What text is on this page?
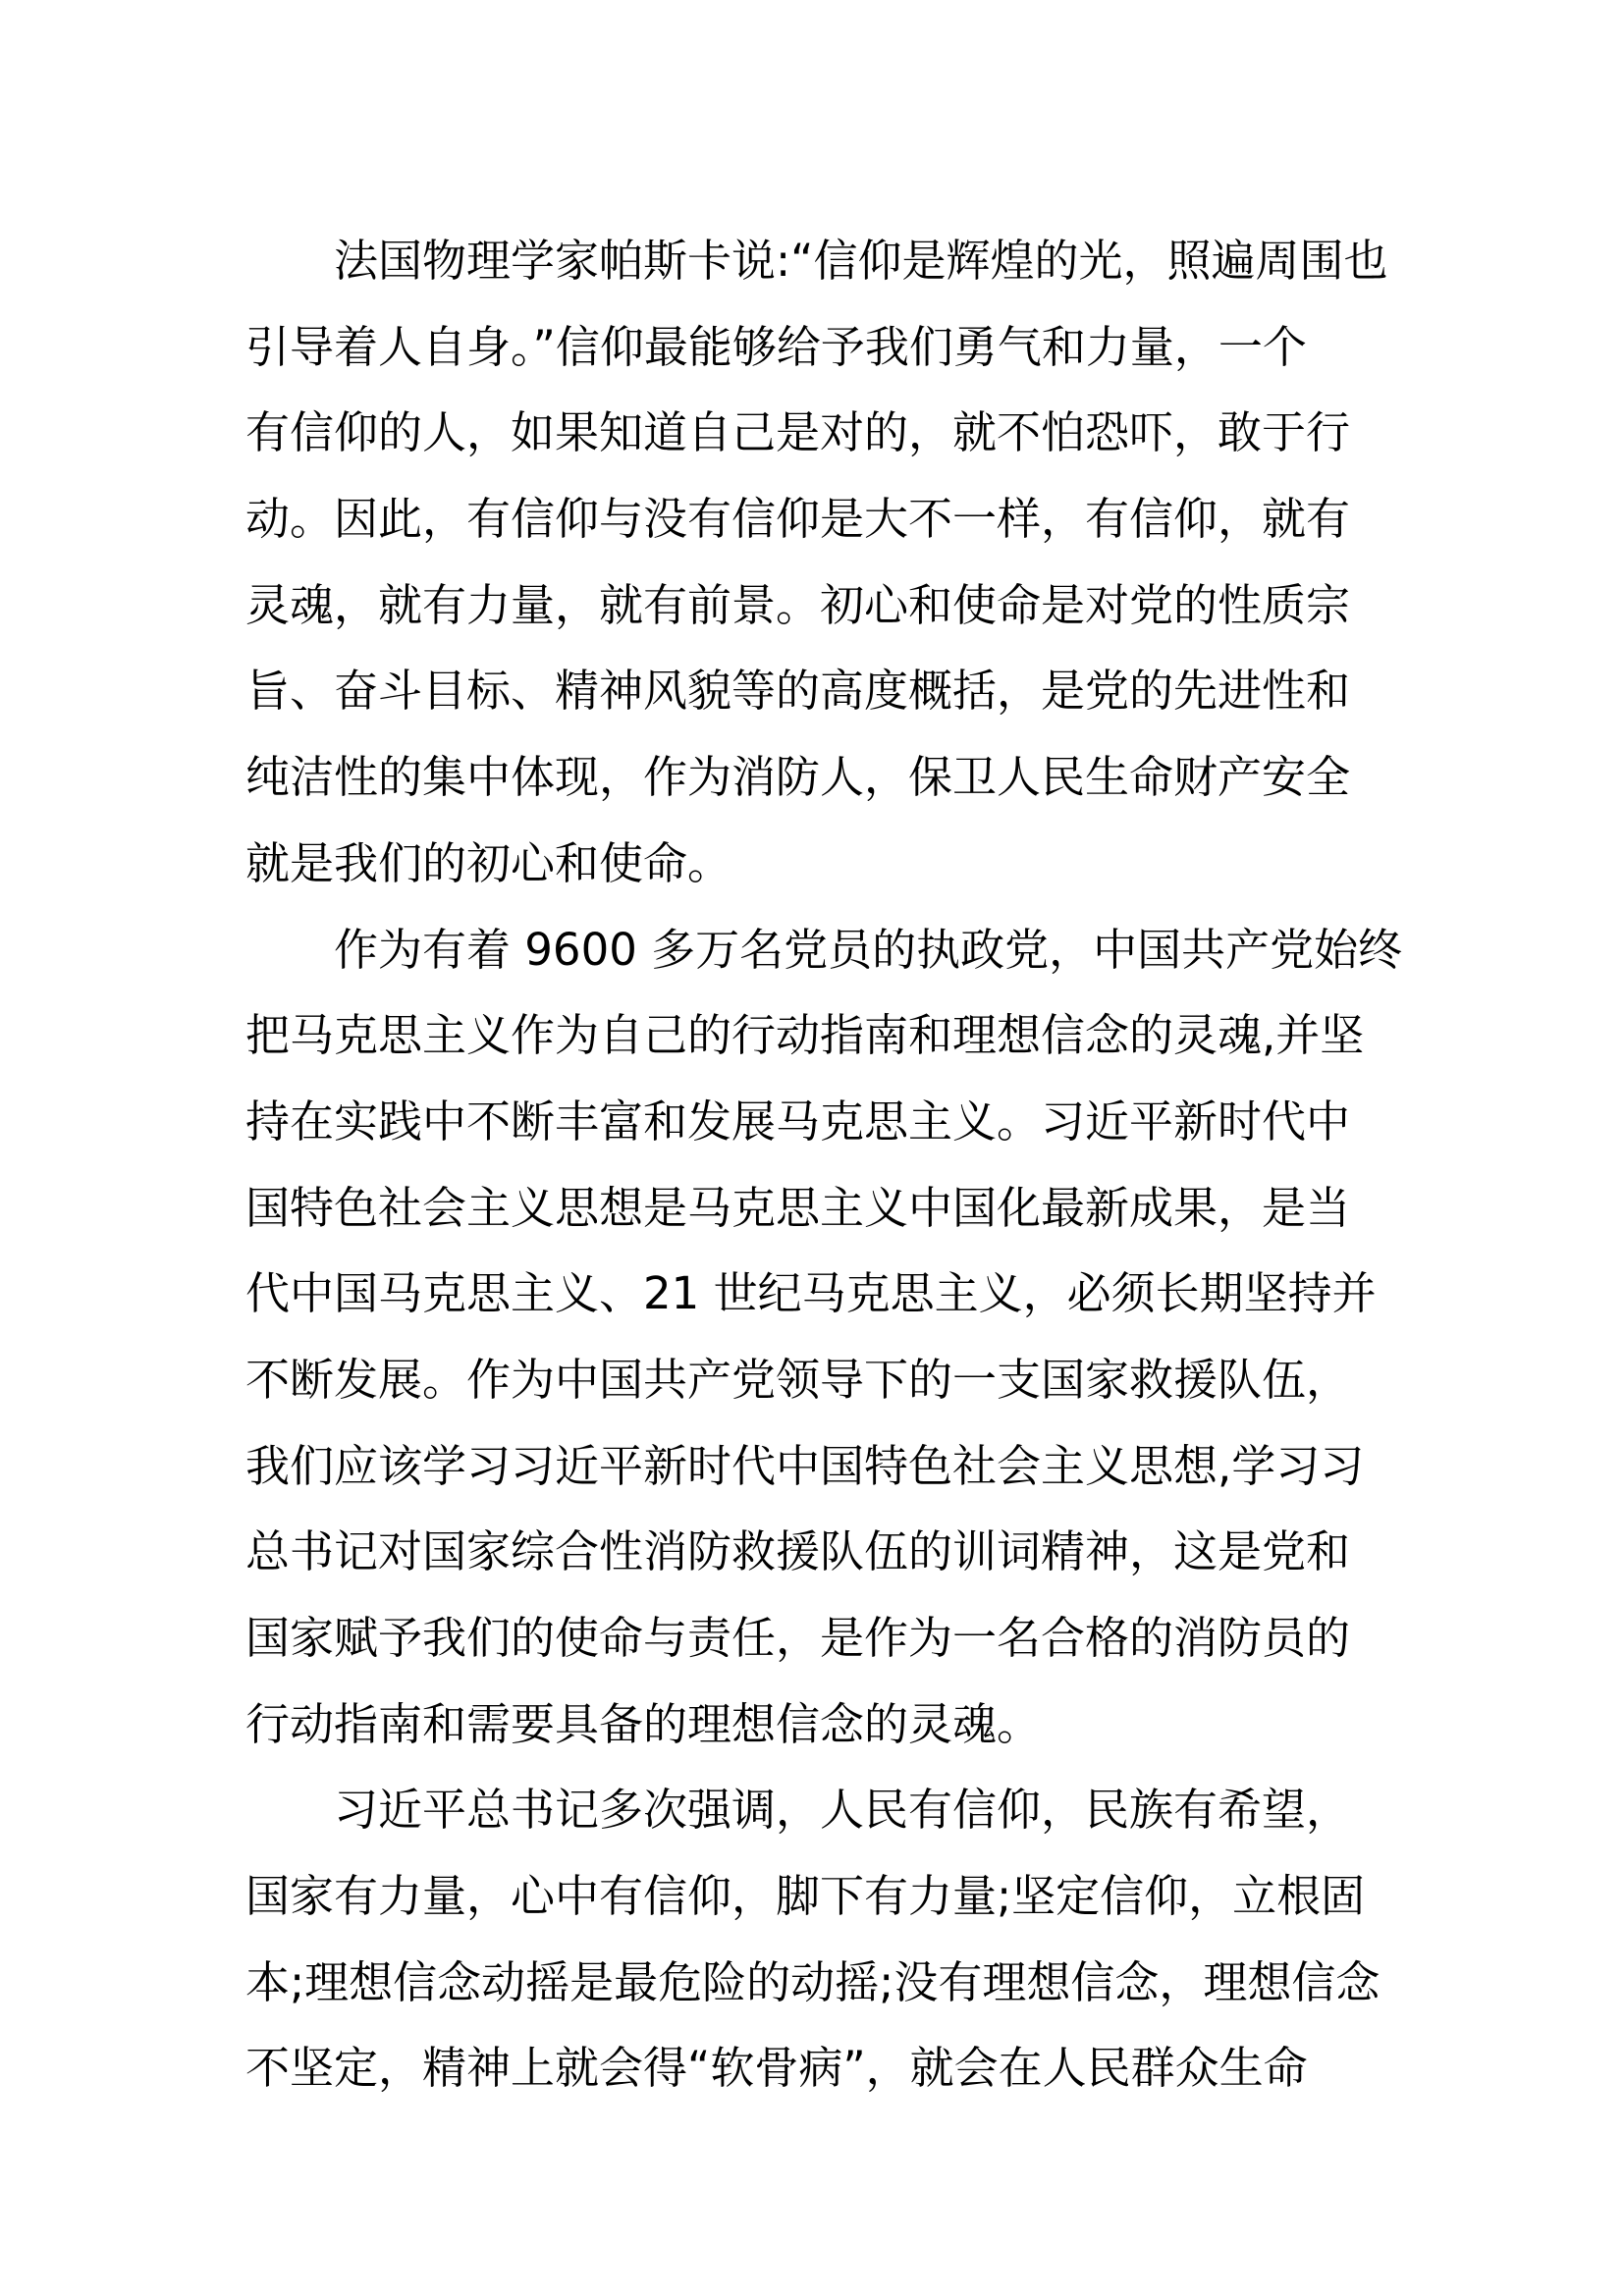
法国物理学家帕斯卡说:“信仰是辉煌的光，照遍周围也
引导着人自身。”信仰最能够给予我们勇气和力量，一个
有信仰的人，如果知道自己是对的，就不怕恐吓，敢于行
动。因此，有信仰与没有信仰是大不一样，有信仰，就有
灵魂，就有力量，就有前景。初心和使命是对党的性质宗
旨、奋斗目标、精神风貌等的高度概括，是党的先进性和
纯洁性的集中体现，作为消防人，保卫人民生命财产安全
就是我们的初心和使命。
作为有着 9600 多万名党员的执政党，中国共产党始终
把马克思主义作为自己的行动指南和理想信念的灵魂,并坚
持在实践中不断丰富和发展马克思主义。习近平新时代中
国特色社会主义思想是马克思主义中国化最新成果，是当
代中国马克思主义、21 世纪马克思主义，必须长期坚持并
不断发展。作为中国共产党领导下的一支国家救援队伍，
我们应该学习习近平新时代中国特色社会主义思想,学习习
总书记对国家综合性消防救援队伍的训词精神，这是党和
国家赋予我们的使命与责任，是作为一名合格的消防员的
行动指南和需要具备的理想信念的灵魂。
习近平总书记多次强调，人民有信仰，民族有希望，
国家有力量，心中有信仰，脚下有力量;坚定信仰，立根固
本;理想信念动摇是最危险的动摇;没有理想信念，理想信念
不坚定，精神上就会得“软骨病”，就会在人民群众生命
